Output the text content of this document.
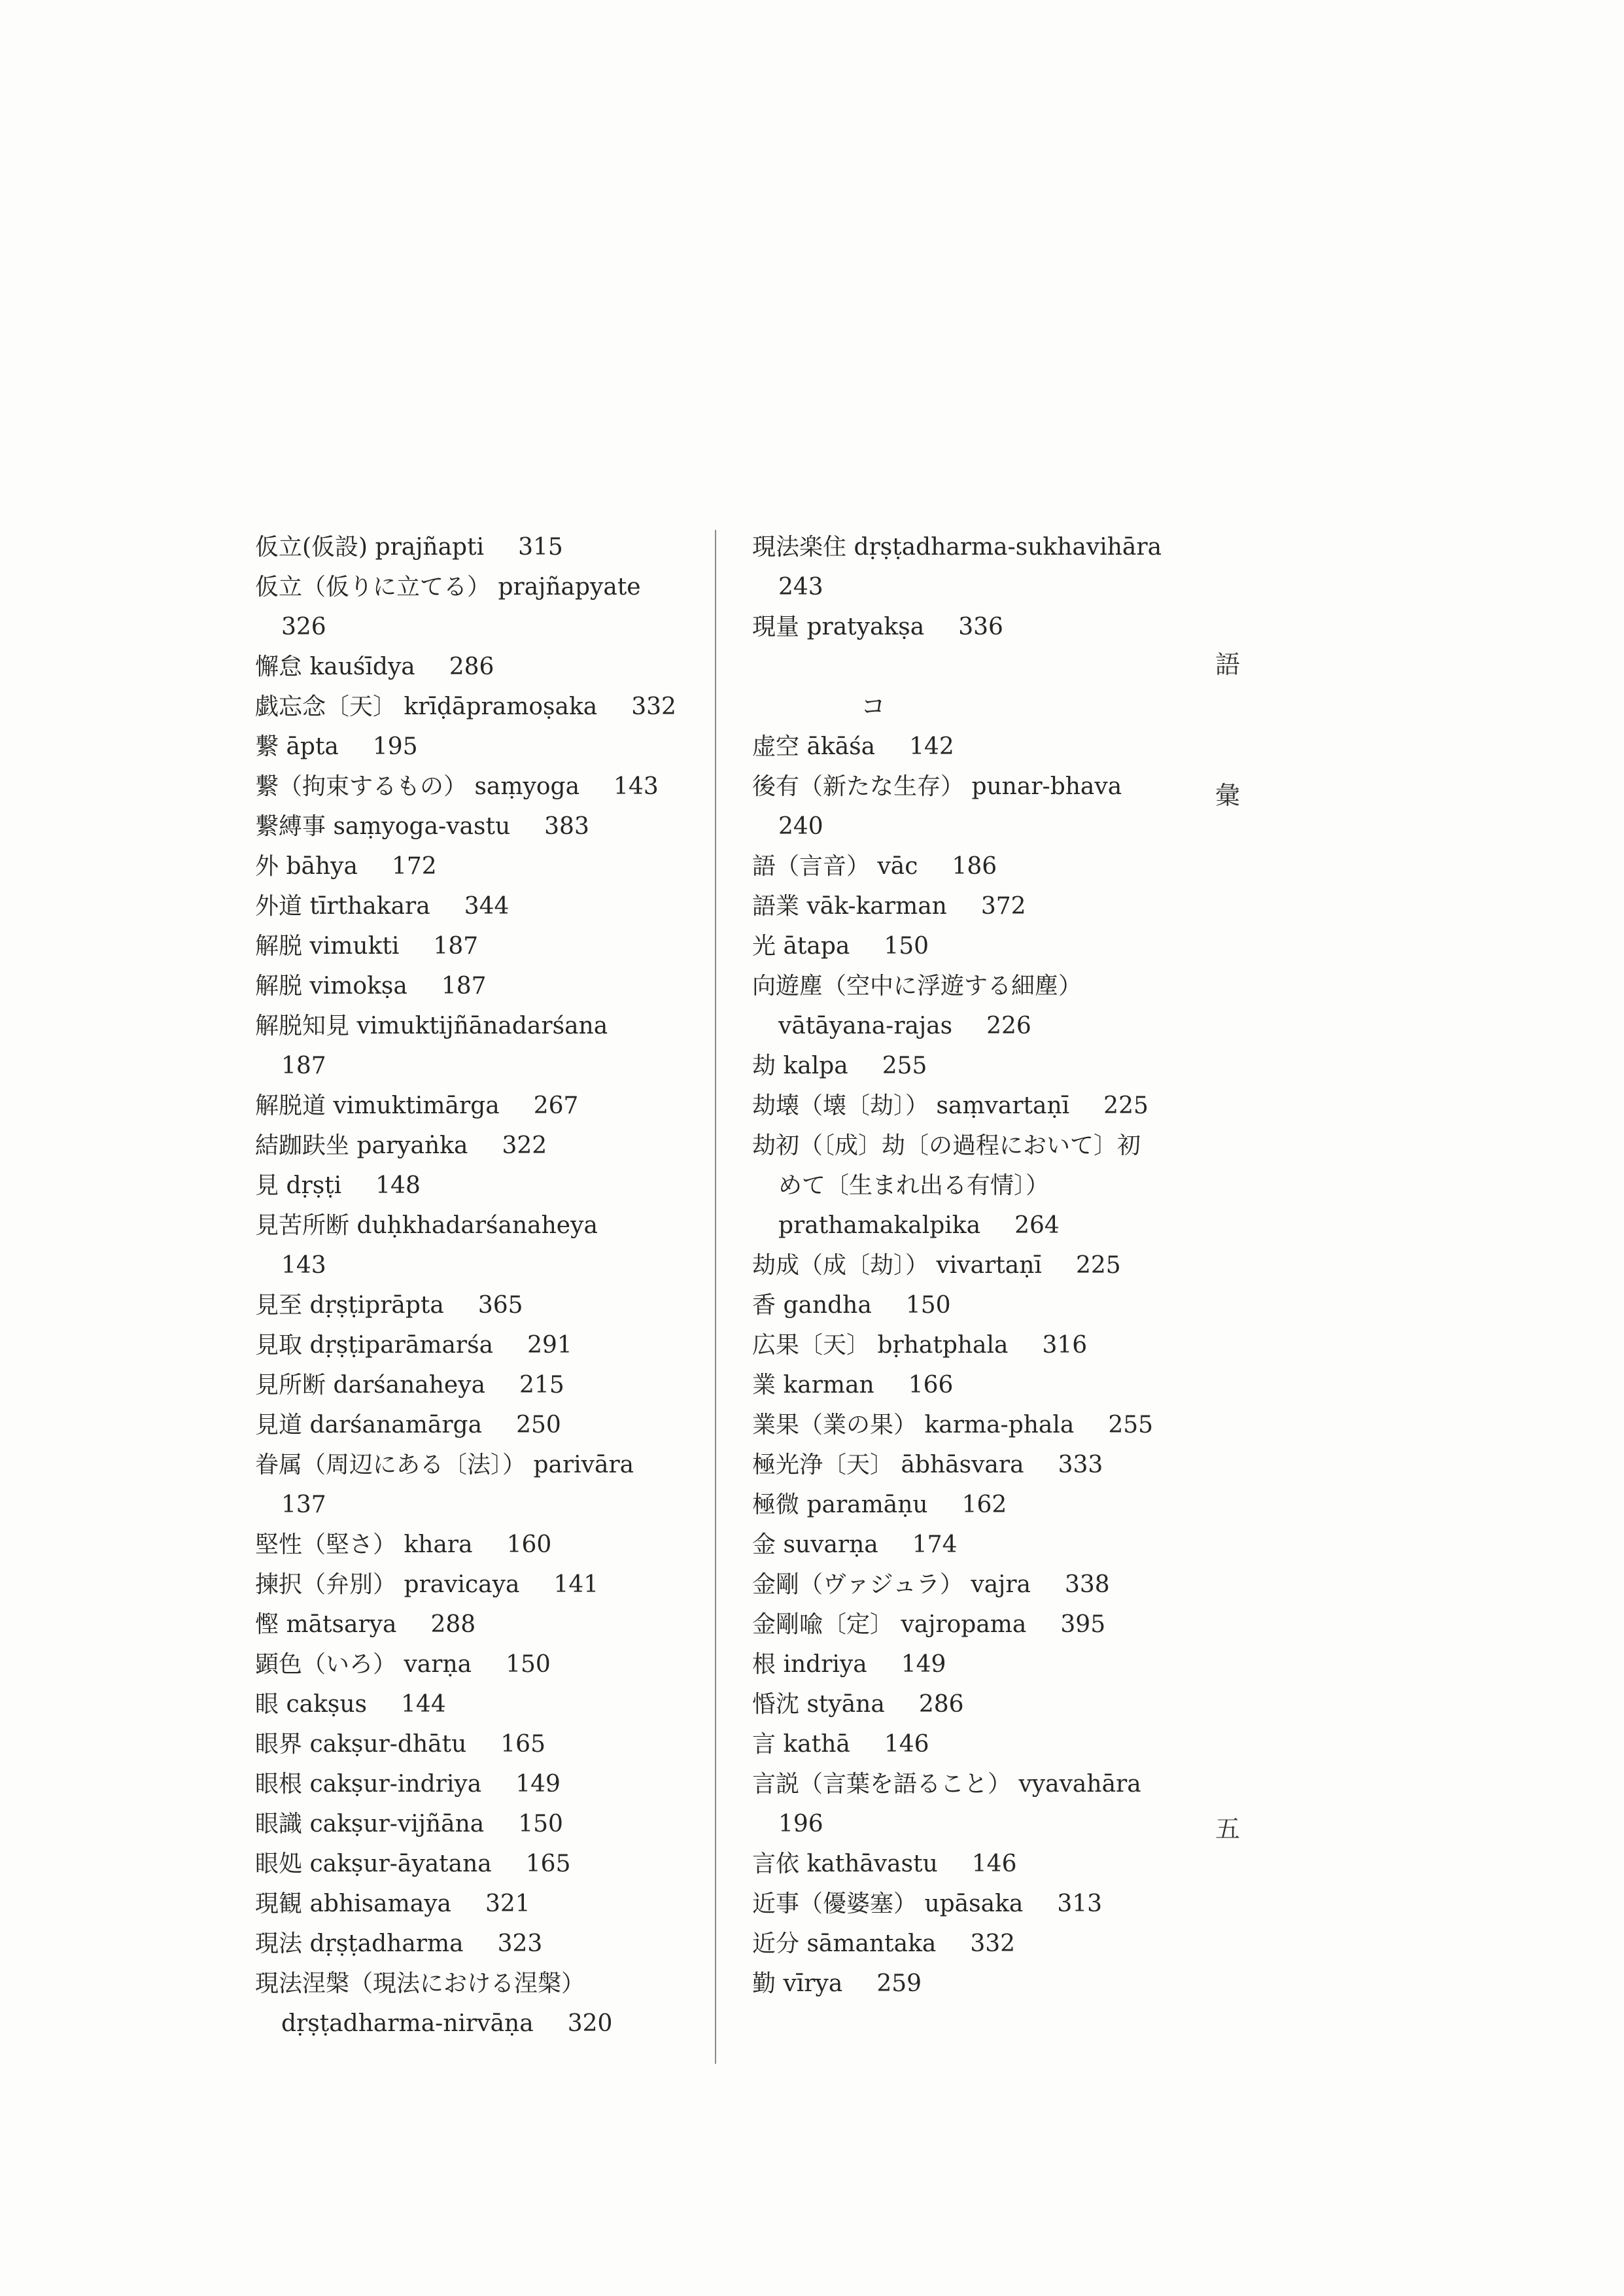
仮立(仮設) prajñapti 315
仮立（仮りに立てる） prajñapyate
326
懈怠 kauśīdya 286
戯忘念〔天〕 krīḍāpramoṣaka 332
繋 āpta 195
繋（拘束するもの） saṃyoga 143
繋縛事 saṃyoga-vastu 383
外 bāhya 172
外道 tīrthakara 344
解脱 vimukti 187
解脱 vimokṣa 187
解脱知見 vimuktijñānadarśana
187
解脱道 vimuktimārga 267
結跏趺坐 paryaṅka 322
見 dṛṣṭi 148
見苦所断 duḥkhadarśanaheya
143
見至 dṛṣṭiprāpta 365
見取 dṛṣṭiparāmarśa 291
見所断 darśanaheya 215
見道 darśanamārga 250
眷属（周辺にある〔法〕） parivāra
137
堅性（堅さ） khara 160
揀択（弁別） pravicaya 141
慳 mātsarya 288
顕色（いろ） varṇa 150
眼 cakṣus 144
眼界 cakṣur-dhātu 165
眼根 cakṣur-indriya 149
眼識 cakṣur-vijñāna 150
眼処 cakṣur-āyatana 165
現観 abhisamaya 321
現法 dṛṣṭadharma 323
現法涅槃（現法における涅槃）
dṛṣṭadharma-nirvāṇa 320
現法楽住 dṛṣṭadharma-sukhavihāra
243
現量 pratyakṣa 336
コ
虚空 ākāśa 142
後有（新たな生存） punar-bhava
240
語（言音） vāc 186
語業 vāk-karman 372
光 ātapa 150
向遊塵（空中に浮遊する細塵）
vātāyana-rajas 226
劫 kalpa 255
劫壊（壊〔劫〕） saṃvartaṇī 225
劫初（〔成〕劫〔の過程において〕初
めて〔生まれ出る有情〕）
prathamakalpika 264
劫成（成〔劫〕） vivartaṇī 225
香 gandha 150
広果〔天〕 bṛhatphala 316
業 karman 166
業果（業の果） karma-phala 255
極光浄〔天〕 ābhāsvara 333
極微 paramāṇu 162
金 suvarṇa 174
金剛（ヴァジュラ） vajra 338
金剛喩〔定〕 vajropama 395
根 indriya 149
惛沈 styāna 286
言 kathā 146
言説（言葉を語ること） vyavahāra
196
言依 kathāvastu 146
近事（優婆塞） upāsaka 313
近分 sāmantaka 332
勤 vīrya 259
語
彙
五
